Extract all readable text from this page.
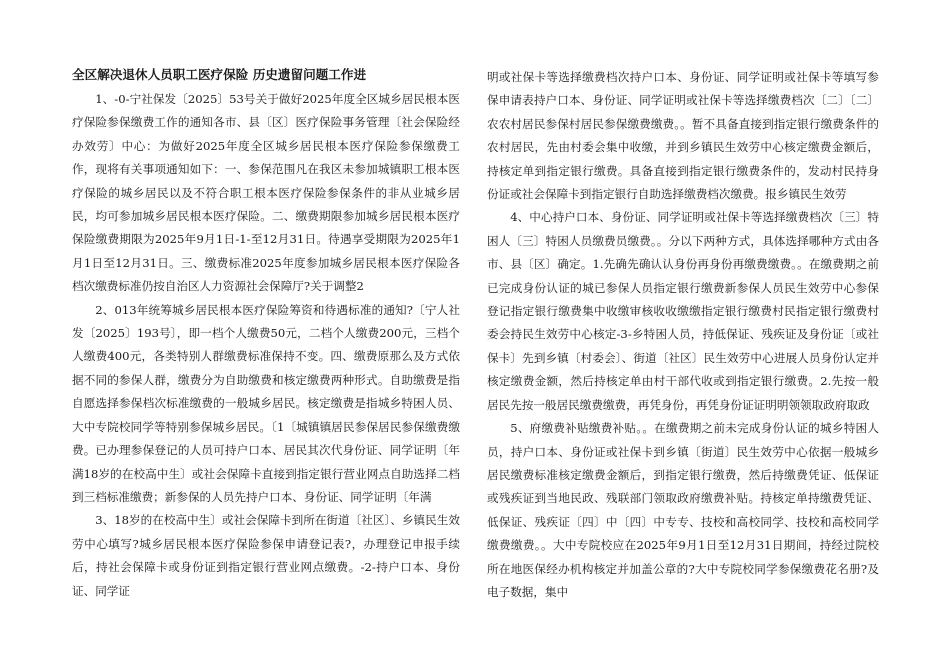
全区解决退休人员职工医疗保险 历史遗留问题工作进

1、-0-宁社保发〔2025〕53号关于做好2025年度全区城乡居民根本医疗保险参保缴费工作的通知各市、县〔区〕医疗保险事务管理〔社会保险经办效劳〕中心：为做好2025年度全区城乡居民根本医疗保险参保缴费工作，现将有关事项通知如下：一、参保范围凡在我区未参加城镇职工根本医疗保险的城乡居民以及不符合职工根本医疗保险参保条件的非从业城乡居民，均可参加城乡居民根本医疗保险。二、缴费期限参加城乡居民根本医疗保险缴费期限为2025年9月1日-1-至12月31日。待遇享受期限为2025年1月1日至12月31日。三、缴费标准2025年度参加城乡居民根本医疗保险各档次缴费标准仍按自治区人力资源社会保障厅?关于调整2

2、013年统筹城乡居民根本医疗保险筹资和待遇标准的通知?〔宁人社发〔2025〕193号〕，即一档个人缴费50元，二档个人缴费200元，三档个人缴费400元，各类特别人群缴费标准保持不变。四、缴费原那么及方式依据不同的参保人群，缴费分为自助缴费和核定缴费两种形式。自助缴费是指自愿选择参保档次标准缴费的一般城乡居民。核定缴费是指城乡特困人员、大中专院校同学等特别参保城乡居民。〔1〔城镇镇居民参保居民参保缴费缴费。已办理参保登记的人员可持户口本、居民其次代身份证、同学证明〔年满18岁的在校高中生〕或社会保障卡直接到指定银行营业网点自助选择二档到三档标准缴费；新参保的人员先持户口本、身份证、同学证明〔年满

3、18岁的在校高中生〕或社会保障卡到所在街道〔社区〕、乡镇民生效劳中心填写?城乡居民根本医疗保险参保申请登记表?，办理登记申报手续后，持社会保障卡或身份证到指定银行营业网点缴费。-2-持户口本、身份证、同学证

明或社保卡等选择缴费档次持户口本、身份证、同学证明或社保卡等填写参保申请表持户口本、身份证、同学证明或社保卡等选择缴费档次〔二〕〔二〕农农村居民参保村居民参保缴费缴费。。暂不具备直接到指定银行缴费条件的农村居民，先由村委会集中收缴，并到乡镇民生效劳中心核定缴费金额后，持核定单到指定银行缴费。具备直接到指定银行缴费条件的，发动村民持身份证或社会保障卡到指定银行自助选择缴费档次缴费。报乡镇民生效劳

4、中心持户口本、身份证、同学证明或社保卡等选择缴费档次〔三〕特困人〔三〕特困人员缴费员缴费。。分以下两种方式，具体选择哪种方式由各市、县〔区〕确定。1.先确先确认认身份再身份再缴费缴费。。在缴费期之前已完成身份认证的城已参保人员指定银行缴费新参保人员民生效劳中心参保登记指定银行缴费集中收缴审核收收缴缴指定银行缴费村民指定银行缴费村委会持民生效劳中心核定-3-乡特困人员，持低保证、残疾证及身份证〔或社保卡〕先到乡镇〔村委会〕、街道〔社区〕民生效劳中心进展人员身份认定并核定缴费金额，然后持核定单由村干部代收或到指定银行缴费。2.先按一般居民先按一般居民缴费缴费，再凭身份，再凭身份证证明明领领取政府取政

5、府缴费补贴缴费补贴。。在缴费期之前未完成身份认证的城乡特困人员，持户口本、身份证或社保卡到乡镇〔街道〕民生效劳中心依据一般城乡居民缴费标准核定缴费金额后，到指定银行缴费，然后持缴费凭证、低保证或残疾证到当地民政、残联部门领取政府缴费补贴。持核定单持缴费凭证、低保证、残疾证〔四〕中〔四〕中专专、技校和高校同学、技校和高校同学缴费缴费。。大中专院校应在2025年9月1日至12月31日期间，持经过院校所在地医保经办机构核定并加盖公章的?大中专院校同学参保缴费花名册?及电子数据，集中
